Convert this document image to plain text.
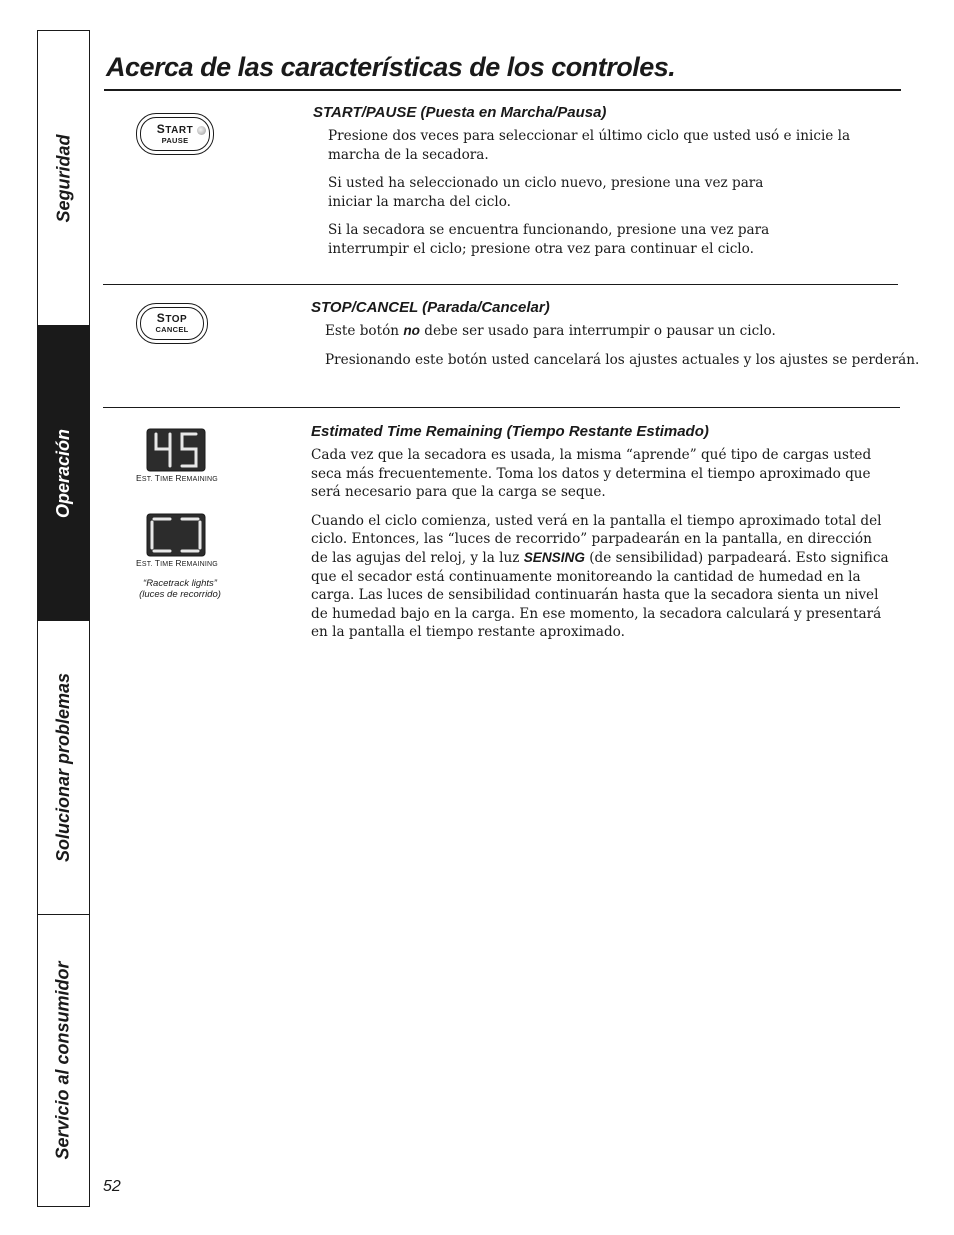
Seguridad
Operación
Solucionar problemas
Servicio al consumidor
Acerca de las características de los controles.
START
PAUSE
START/PAUSE (Puesta en Marcha/Pausa)

Presione dos veces para seleccionar el último ciclo que usted usó e inicie la marcha de la secadora.

Si usted ha seleccionado un ciclo nuevo, presione una vez para iniciar la marcha del ciclo.

Si la secadora se encuentra funcionando, presione una vez para interrumpir el ciclo; presione otra vez para continuar el ciclo.

STOP
CANCEL
STOP/CANCEL (Parada/Cancelar)

Este botón no debe ser usado para interrumpir o pausar un ciclo.

Presionando este botón usted cancelará los ajustes actuales y los ajustes se perderán.

EST. TIME REMAINING
EST. TIME REMAINING
“Racetrack lights”
(luces de recorrido)
Estimated Time Remaining (Tiempo Restante Estimado)

Cada vez que la secadora es usada, la misma “aprende” qué tipo de cargas usted seca más frecuentemente. Toma los datos y determina el tiempo aproximado que será necesario para que la carga se seque.

Cuando el ciclo comienza, usted verá en la pantalla el tiempo aproximado total del ciclo. Entonces, las “luces de recorrido” parpadearán en la pantalla, en dirección de las agujas del reloj, y la luz SENSING (de sensibilidad) parpadeará. Esto significa que el secador está continuamente monitoreando la cantidad de humedad en la carga. Las luces de sensibilidad continuarán hasta que la secadora sienta un nivel de humedad bajo en la carga. En ese momento, la secadora calculará y presentará en la pantalla el tiempo restante aproximado.

52
